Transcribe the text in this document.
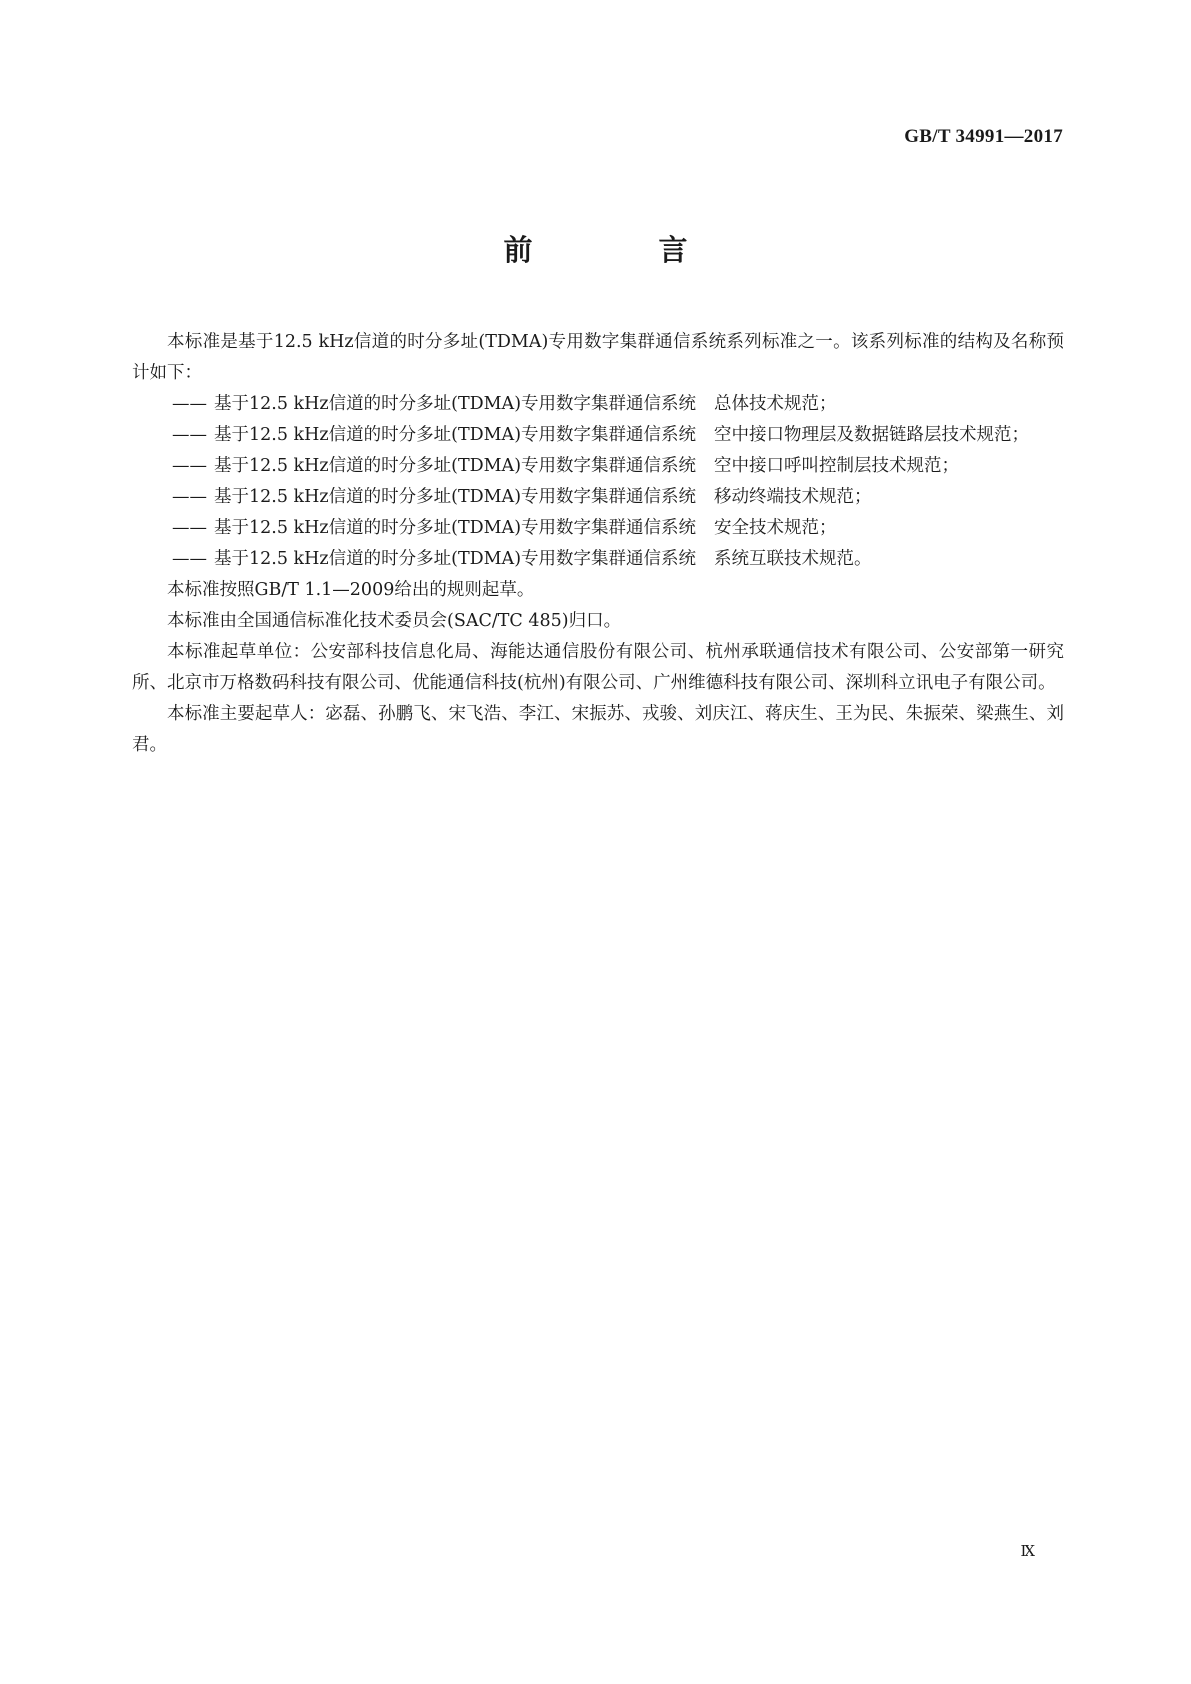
GB/T 34991—2017
前 言

本标准是基于12.5 kHz信道的时分多址(TDMA)专用数字集群通信系统系列标准之一。该系列标准的结构及名称预计如下：

—— 基于12.5 kHz信道的时分多址(TDMA)专用数字集群通信系统 总体技术规范；

—— 基于12.5 kHz信道的时分多址(TDMA)专用数字集群通信系统 空中接口物理层及数据链路层技术规范；

—— 基于12.5 kHz信道的时分多址(TDMA)专用数字集群通信系统 空中接口呼叫控制层技术规范；

—— 基于12.5 kHz信道的时分多址(TDMA)专用数字集群通信系统 移动终端技术规范；

—— 基于12.5 kHz信道的时分多址(TDMA)专用数字集群通信系统 安全技术规范；

—— 基于12.5 kHz信道的时分多址(TDMA)专用数字集群通信系统 系统互联技术规范。

本标准按照GB/T 1.1—2009给出的规则起草。

本标准由全国通信标准化技术委员会(SAC/TC 485)归口。

本标准起草单位：公安部科技信息化局、海能达通信股份有限公司、杭州承联通信技术有限公司、公安部第一研究所、北京市万格数码科技有限公司、优能通信科技(杭州)有限公司、广州维德科技有限公司、深圳科立讯电子有限公司。

本标准主要起草人：宓磊、孙鹏飞、宋飞浩、李江、宋振苏、戎骏、刘庆江、蒋庆生、王为民、朱振荣、梁燕生、刘君。

Ⅸ
